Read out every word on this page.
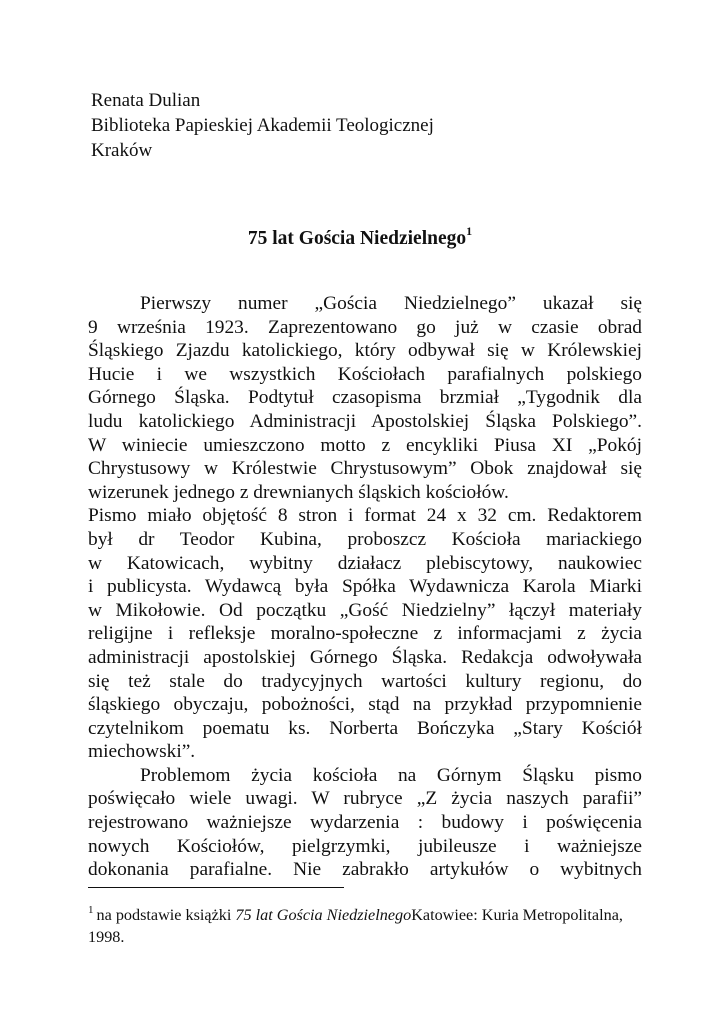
Renata Dulian
Biblioteka Papieskiej Akademii Teologicznej
Kraków
75 lat Gościa Niedzielnego$^1$
Pierwszy numer „Gościa Niedzielnego” ukazał się
9 września 1923. Zaprezentowano go już w czasie obrad
Śląskiego Zjazdu katolickiego, który odbywał się w Królewskiej
Hucie i we wszystkich Kościołach parafialnych polskiego
Górnego Śląska. Podtytuł czasopisma brzmiał „Tygodnik dla
ludu katolickiego Administracji Apostolskiej Śląska Polskiego”.
W winiecie umieszczono motto z encykliki Piusa XI „Pokój
Chrystusowy w Królestwie Chrystusowym” Obok znajdował się
wizerunek jednego z drewnianych śląskich kościołów.
Pismo miało objętość 8 stron i format 24 x 32 cm. Redaktorem
był dr Teodor Kubina, proboszcz Kościoła mariackiego
w Katowicach, wybitny działacz plebiscytowy, naukowiec
i publicysta. Wydawcą była Spółka Wydawnicza Karola Miarki
w Mikołowie. Od początku „Gość Niedzielny” łączył materiały
religijne i refleksje moralno-społeczne z informacjami z życia
administracji apostolskiej Górnego Śląska. Redakcja odwoływała
się też stale do tradycyjnych wartości kultury regionu, do
śląskiego obyczaju, pobożności, stąd na przykład przypomnienie
czytelnikom poematu ks. Norberta Bończyka „Stary Kościół
miechowski”.
Problemom życia kościoła na Górnym Śląsku pismo
poświęcało wiele uwagi. W rubryce „Z życia naszych parafii”
rejestrowano ważniejsze wydarzenia : budowy i poświęcenia
nowych Kościołów, pielgrzymki, jubileusze i ważniejsze
dokonania parafialne. Nie zabrakło artykułów o wybitnych
$^1$ na podstawie książki 75 lat Gościa NiedzielnegoKatowiee: Kuria Metropolitalna,
1998.
